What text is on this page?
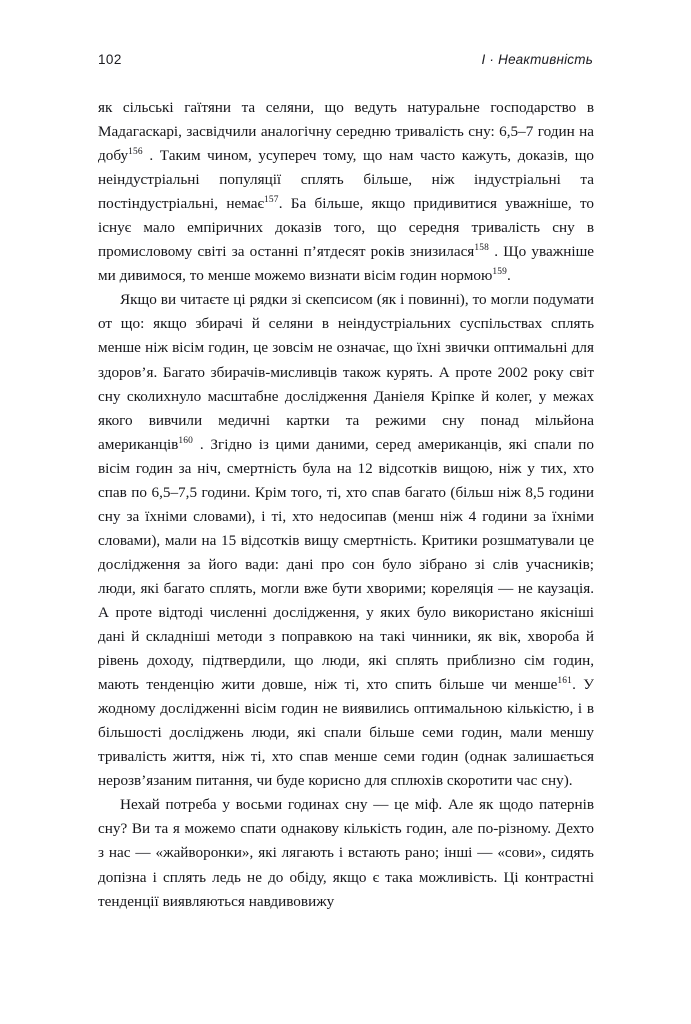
102	I · Неактивність

як сільські гаїтяни та селяни, що ведуть натуральне господарство в Мадагаскарі, засвідчили аналогічну середню тривалість сну: 6,5–7 годин на добу$^{156}$ . Таким чином, усупереч тому, що нам часто кажуть, доказів, що неіндустріальні популяції сплять більше, ніж індустріальні та постіндустріальні, немає$^{157}$. Ба більше, якщо придивитися уважніше, то існує мало емпіричних доказів того, що середня тривалість сну в промисловому світі за останні п’ятдесят років знизилася$^{158}$ . Що уважніше ми дивимося, то менше можемо визнати вісім годин нормою$^{159}$.

Якщо ви читаєте ці рядки зі скепсисом (як і повинні), то могли подумати от що: якщо збирачі й селяни в неіндустріальних суспільствах сплять менше ніж вісім годин, це зовсім не означає, що їхні звички оптимальні для здоров’я. Багато збирачів-мисливців також курять. А проте 2002 року світ сну сколихнуло масштабне дослідження Даніеля Кріпке й колег, у межах якого вивчили медичні картки та режими сну понад мільйона американців$^{160}$ . Згідно із цими даними, серед американців, які спали по вісім годин за ніч, смертність була на 12 відсотків вищою, ніж у тих, хто спав по 6,5–7,5 години. Крім того, ті, хто спав багато (більш ніж 8,5 години сну за їхніми словами), і ті, хто недосипав (менш ніж 4 години за їхніми словами), мали на 15 відсотків вищу смертність. Критики розшматували це дослідження за його вади: дані про сон було зібрано зі слів учасників; люди, які багато сплять, могли вже бути хворими; кореляція — не каузація. А проте відтоді численні дослідження, у яких було використано якісніші дані й складніші методи з поправкою на такі чинники, як вік, хвороба й рівень доходу, підтвердили, що люди, які сплять приблизно сім годин, мають тенденцію жити довше, ніж ті, хто спить більше чи менше$^{161}$. У жодному дослідженні вісім годин не виявились оптимальною кількістю, і в більшості досліджень люди, які спали більше семи годин, мали меншу тривалість життя, ніж ті, хто спав менше семи годин (однак залишається нерозв’язаним питання, чи буде корисно для сплюхів скоротити час сну).

Нехай потреба у восьми годинах сну — це міф. Але як щодо патернів сну? Ви та я можемо спати однакову кількість годин, але по-різному. Дехто з нас — «жайворонки», які лягають і встають рано; інші — «сови», сидять допізна і сплять ледь не до обіду, якщо є така можливість. Ці контрастні тенденції виявляються навдивовижу
